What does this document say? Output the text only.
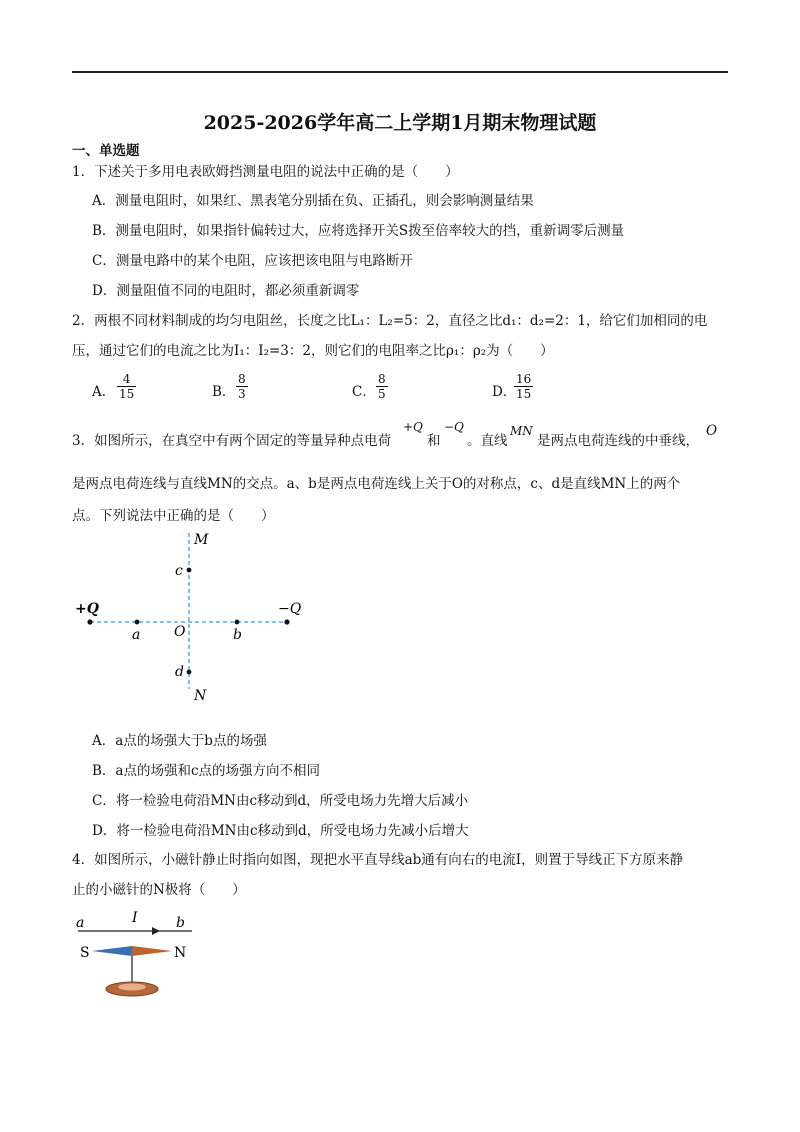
2025-2026学年高二上学期1月期末物理试题
一、单选题
1．下述关于多用电表欧姆挡测量电阻的说法中正确的是（　　）
A．测量电阻时，如果红、黑表笔分别插在负、正插孔，则会影响测量结果
B．测量电阻时，如果指针偏转过大，应将选择开关S拨至倍率较大的挡，重新调零后测量
C．测量电路中的某个电阻，应该把该电阻与电路断开
D．测量阻值不同的电阻时，都必须重新调零
2．两根不同材料制成的均匀电阻丝，长度之比L₁：L₂=5：2，直径之比d₁：d₂=2：1，给它们加相同的电
压，通过它们的电流之比为I₁：I₂=3：2，则它们的电阻率之比ρ₁：ρ₂为（　　）
A． $\frac{4}{15}$	B． $\frac{8}{3}$	C． $\frac{8}{5}$	D．
$\frac{16}{15}$
3．如图所示，在真空中有两个固定的等量异种点电荷
+Q
和
−Q
。直线
MN
是两点电荷连线的中垂线，
O
是两点电荷连线与直线MN的交点。a、b是两点电荷连线上关于O的对称点，c、d是直线MN上的两个
点。下列说法中正确的是（　　）
M
N
c
d
a	b
O
+Q	−Q
A．a点的场强大于b点的场强
B．a点的场强和c点的场强方向不相同
C．将一检验电荷沿MN由c移动到d，所受电场力先增大后减小
D．将一检验电荷沿MN由c移动到d，所受电场力先减小后增大
4．如图所示，小磁针静止时指向如图，现把水平直导线ab通有向右的电流I，则置于导线正下方原来静
止的小磁针的N极将（　　）
a	I	b
S	N
